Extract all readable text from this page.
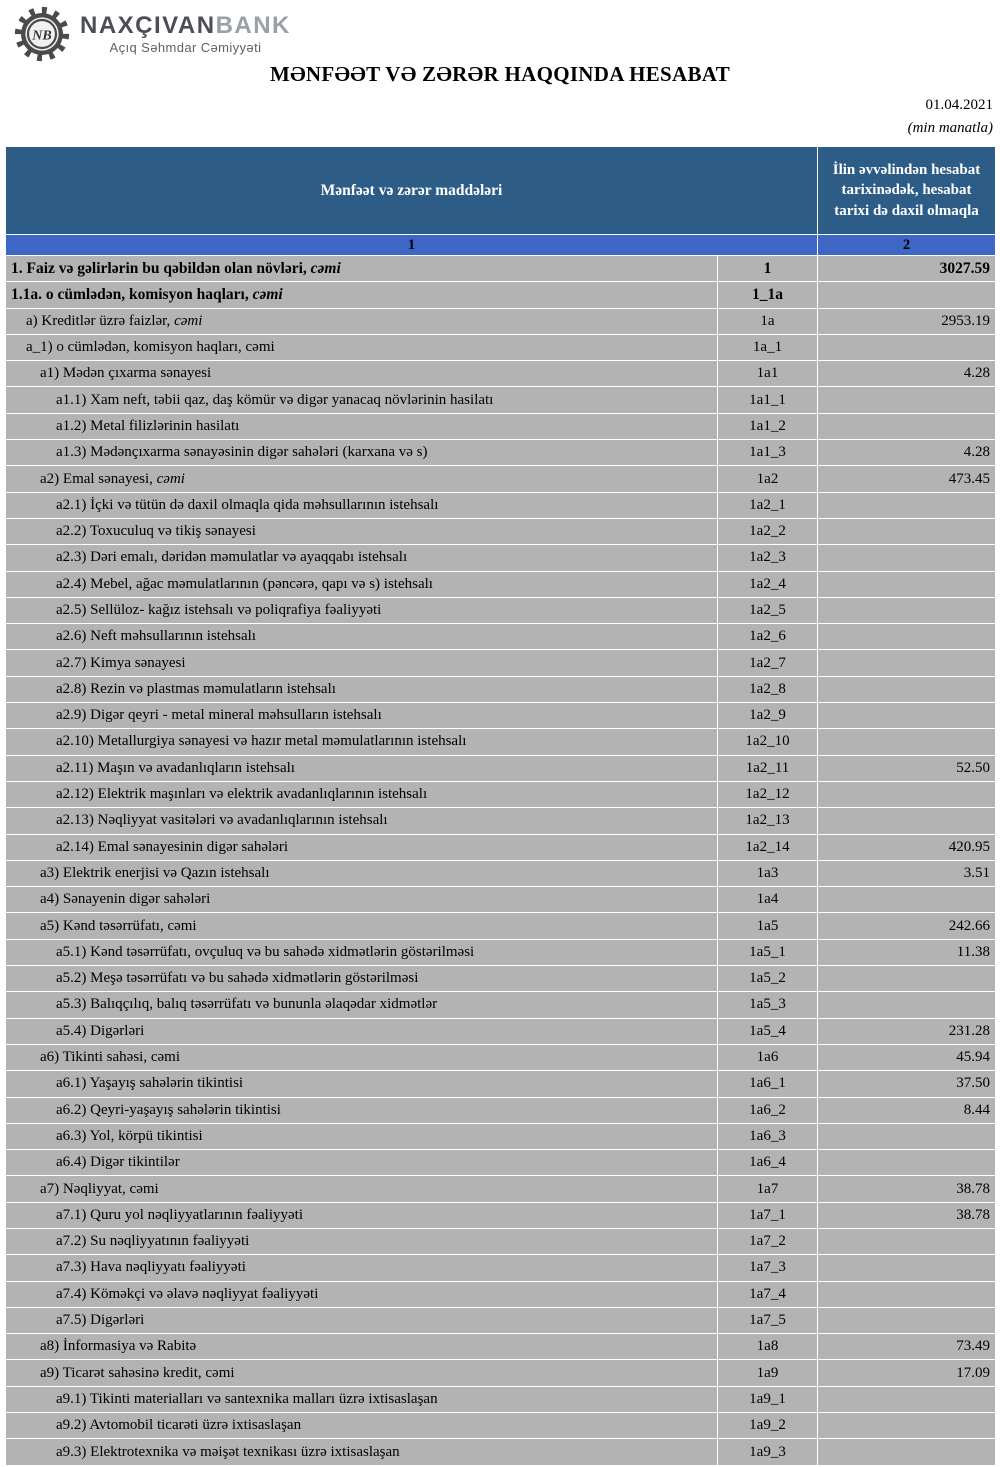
NB NAXÇIVANBANK
Açıq Səhmdar Cəmiyyəti
MƏNFƏƏT VƏ ZƏRƏR HAQQINDA HESABAT
01.04.2021
(min manatla)
Mənfəət və zərər maddələri		İlin əvvəlindən hesabat tarixinədək, hesabat tarixi də daxil olmaqla
1		2
1. Faiz və gəlirlərin bu qəbildən olan növləri, cəmi	1	3027.59
1.1a. o cümlədən, komisyon haqları, cəmi	1_1a	
a) Kreditlər üzrə faizlər, cəmi	1a	2953.19
a_1) o cümlədən, komisyon haqları, cəmi	1a_1	
a1) Mədən çıxarma sənayesi	1a1	4.28
a1.1) Xam neft, təbii qaz, daş kömür və digər yanacaq növlərinin hasilatı	1a1_1	
a1.2) Metal filizlərinin hasilatı	1a1_2	
a1.3) Mədənçıxarma sənayəsinin digər sahələri (karxana və s)	1a1_3	4.28
a2) Emal sənayesi, cəmi	1a2	473.45
a2.1) İçki və tütün də daxil olmaqla qida məhsullarının istehsalı	1a2_1	
a2.2) Toxuculuq və tikiş sənayesi	1a2_2	
a2.3) Dəri emalı, dəridən məmulatlar və ayaqqabı istehsalı	1a2_3	
a2.4) Mebel, ağac məmulatlarının (pəncərə, qapı və s) istehsalı	1a2_4	
a2.5) Sellüloz- kağız istehsalı və poliqrafiya fəaliyyəti	1a2_5	
a2.6) Neft məhsullarının istehsalı	1a2_6	
a2.7) Kimya sənayesi	1a2_7	
a2.8) Rezin və plastmas məmulatların istehsalı	1a2_8	
a2.9) Digər qeyri - metal mineral məhsulların istehsalı	1a2_9	
a2.10) Metallurgiya sənayesi və hazır metal məmulatlarının istehsalı	1a2_10	
a2.11) Maşın və avadanlıqların istehsalı	1a2_11	52.50
a2.12) Elektrik maşınları və elektrik avadanlıqlarının istehsalı	1a2_12	
a2.13) Nəqliyyat vasitələri və avadanlıqlarının istehsalı	1a2_13	
a2.14) Emal sənayesinin digər sahələri	1a2_14	420.95
a3) Elektrik enerjisi və Qazın istehsalı	1a3	3.51
a4) Sənayenin digər sahələri	1a4	
a5) Kənd təsərrüfatı, cəmi	1a5	242.66
a5.1) Kənd təsərrüfatı, ovçuluq və bu sahədə xidmətlərin göstərilməsi	1a5_1	11.38
a5.2) Meşə təsərrüfatı və bu sahədə xidmətlərin göstərilməsi	1a5_2	
a5.3) Balıqçılıq, balıq təsərrüfatı və bununla əlaqədar xidmətlər	1a5_3	
a5.4) Digərləri	1a5_4	231.28
a6) Tikinti sahəsi, cəmi	1a6	45.94
a6.1) Yaşayış sahələrin tikintisi	1a6_1	37.50
a6.2) Qeyri-yaşayış sahələrin tikintisi	1a6_2	8.44
a6.3) Yol, körpü tikintisi	1a6_3	
a6.4) Digər tikintilər	1a6_4	
a7) Nəqliyyat, cəmi	1a7	38.78
a7.1) Quru yol nəqliyyatlarının fəaliyyəti	1a7_1	38.78
a7.2) Su nəqliyyatının fəaliyyəti	1a7_2	
a7.3) Hava nəqliyyatı fəaliyyəti	1a7_3	
a7.4) Köməkçi və əlavə nəqliyyat fəaliyyəti	1a7_4	
a7.5) Digərləri	1a7_5	
a8) İnformasiya və Rabitə	1a8	73.49
a9) Ticarət sahəsinə kredit, cəmi	1a9	17.09
a9.1) Tikinti materialları və santexnika malları üzrə ixtisaslaşan	1a9_1	
a9.2) Avtomobil ticarəti üzrə ixtisaslaşan	1a9_2	
a9.3) Elektrotexnika və məişət texnikası üzrə ixtisaslaşan	1a9_3	
